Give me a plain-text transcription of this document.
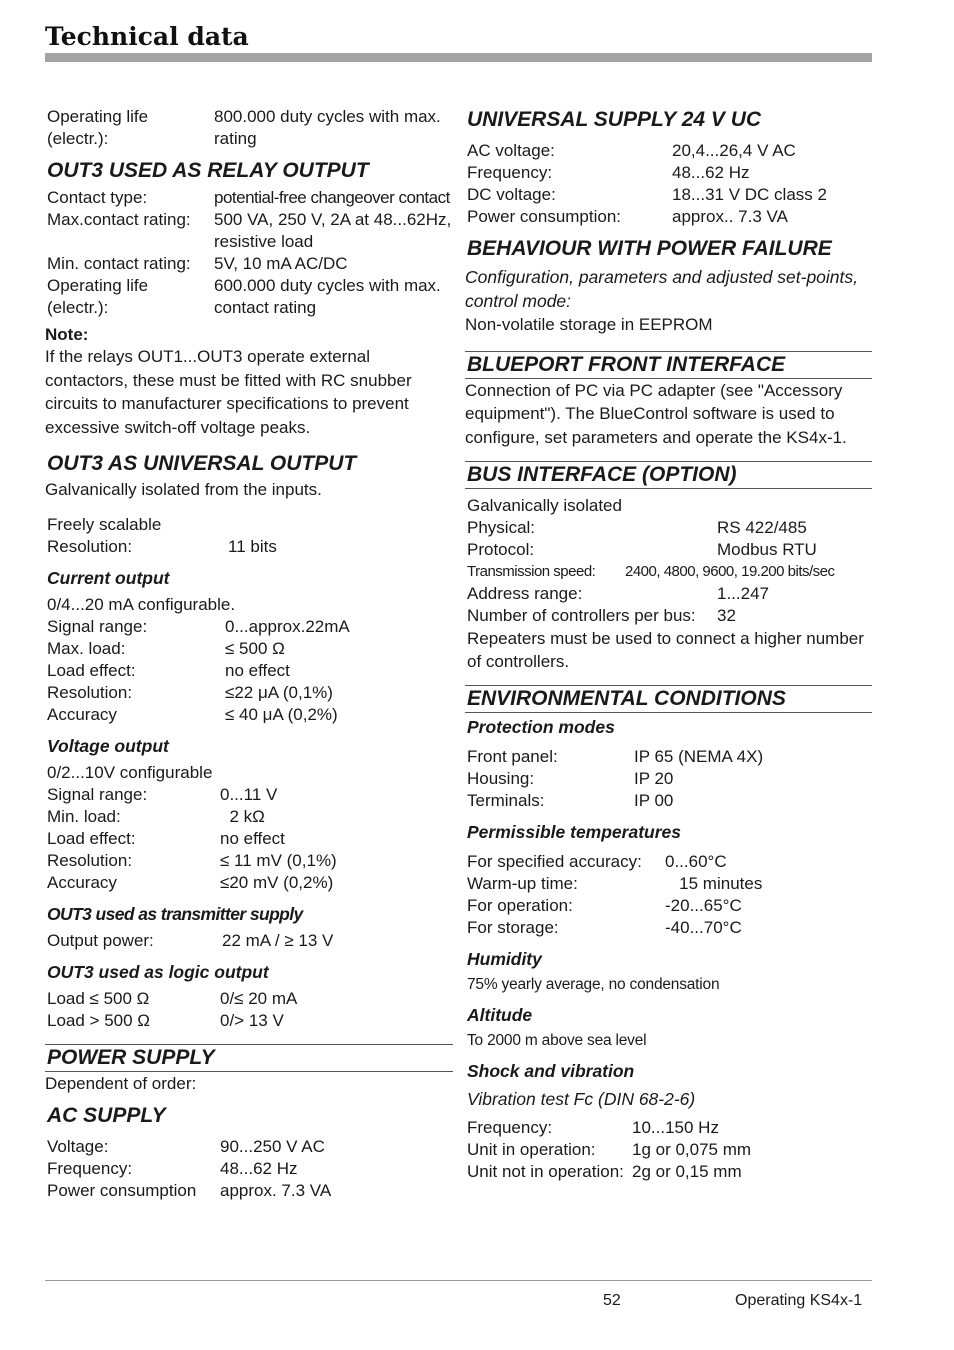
Technical data
Operating life	800.000 duty cycles with max.
(electr.):	rating
OUT3 USED AS RELAY OUTPUT
Contact type:	potential-free changeover contact
Max.contact rating:	500 VA, 250 V, 2A at 48...62Hz,
resistive load
Min. contact rating:	5V, 10 mA AC/DC
Operating life	600.000 duty cycles with max.
(electr.):	contact rating
Note:
If the relays OUT1...OUT3 operate external contactors, these must be fitted with RC snubber circuits to manufacturer specifications to prevent excessive switch-off voltage peaks.
OUT3 AS UNIVERSAL OUTPUT
Galvanically isolated from the inputs.
Freely scalable
Resolution:	11 bits
Current output
0/4...20 mA configurable.
Signal range:	0...approx.22mA
Max. load:	≤ 500 Ω
Load effect:	no effect
Resolution:	≤22 μA (0,1%)
Accuracy	≤ 40 μA (0,2%)
Voltage output
0/2...10V configurable
Signal range:	0...11 V
Min. load:	2 kΩ
Load effect:	no effect
Resolution:	≤ 11 mV (0,1%)
Accuracy	≤20 mV (0,2%)
OUT3 used as transmitter supply
Output power:	22 mA / ≥ 13 V
OUT3 used as logic output
Load ≤ 500 Ω	0/≤ 20 mA
Load > 500 Ω	0/> 13 V
POWER SUPPLY
Dependent of order:
AC SUPPLY
Voltage:	90...250 V AC
Frequency:	48...62 Hz
Power consumption	approx. 7.3 VA
UNIVERSAL SUPPLY 24 V UC
AC voltage:	20,4...26,4 V AC
Frequency:	48...62 Hz
DC voltage:	18...31 V DC class 2
Power consumption:	approx.. 7.3 VA
BEHAVIOUR WITH POWER FAILURE
Configuration, parameters and adjusted set-points, control mode:
Non-volatile storage in EEPROM
BLUEPORT FRONT INTERFACE
Connection of PC via PC adapter (see "Accessory equipment"). The BlueControl software is used to configure, set parameters and operate the KS4x-1.
BUS INTERFACE (OPTION)
Galvanically isolated
Physical:	RS 422/485
Protocol:	Modbus RTU
Transmission speed:	2400, 4800, 9600, 19.200 bits/sec
Address range:	1...247
Number of controllers per bus:	32
Repeaters must be used to connect a higher number of controllers.
ENVIRONMENTAL CONDITIONS
Protection modes
Front panel:	IP 65 (NEMA 4X)
Housing:	IP 20
Terminals:	IP 00
Permissible temperatures
For specified accuracy:	0...60°C
Warm-up time:	15 minutes
For operation:	-20...65°C
For storage:	-40...70°C
Humidity
75% yearly average, no condensation
Altitude
To 2000 m above sea level
Shock and vibration
Vibration test Fc (DIN 68-2-6)
Frequency:	10...150 Hz
Unit in operation:	1g or 0,075 mm
Unit not in operation: 2g or 0,15 mm
52	Operating KS4x-1
